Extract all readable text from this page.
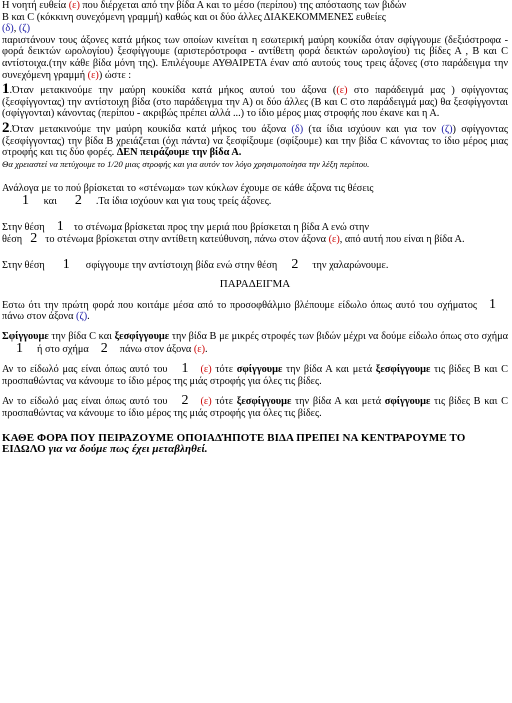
Η νοητή ευθεία (ε) που διέρχεται από την βίδα Α και το μέσο (περίπου) της απόστασης των βιδών
Β και C (κόκκινη συνεχόμενη γραμμή) καθώς και οι δύο άλλες ΔΙΑΚΕΚΟΜΜΕΝΕΣ ευθείες
(δ), (ζ)
παριστάνουν τους άξονες κατά μήκος των οποίων κινείται η εσωτερική μαύρη κουκίδα όταν σφίγγουμε (δεξιόστροφα - φορά δεικτών ωρολογίου) ξεσφίγγουμε (αριστερόστροφα - αντίθετη φορά δεικτών ωρολογίου) τις βίδες Α , Β και C αντίστοιχα.(την κάθε βίδα μόνη της). Επιλέγουμε ΑΥΘΑΙΡΕΤΑ έναν από αυτούς τους τρεις άξονες (στο παράδειγμα την συνεχόμενη γραμμή (ε)) ώστε :

1.Όταν μετακινούμε την μαύρη κουκίδα κατά μήκος αυτού του άξονα ((ε) στο παράδειγμά μας ) σφίγγοντας (ξεσφίγγοντας) την αντίστοιχη βίδα (στο παράδειγμα την Α) οι δύο άλλες (Β και C στο παράδειγμά μας) θα ξεσφίγγονται (σφίγγονται) κάνοντας (περίπου - ακριβώς πρέπει αλλά ...) το ίδιο μέρος μιας στροφής που έκανε και η Α.

2.Όταν μετακινούμε την μαύρη κουκίδα κατά μήκος του άξονα (δ) (τα ίδια ισχύουν και για τον (ζ)) σφίγγοντας (ξεσφίγγοντας) την βίδα Β χρειάζεται (όχι πάντα) να ξεσφίξουμε (σφίξουμε) και την βίδα C κάνοντας το ίδιο μέρος μιας στροφής και τις δύο φορές. ΔΕΝ πειράζουμε την βίδα Α.

Θα χρειαστεί να πετύχουμε το 1/20 μιας στροφής και για αυτόν τον λόγο χρησιμοποίησα την λέξη περίπου.

Ανάλογα με το πού βρίσκεται το «στένωμα» των κύκλων έχουμε σε κάθε άξονα τις θέσεις
1 και 2 .Τα ίδια ισχύουν και για τους τρείς άξονες.

Στην θέση 1 το στένωμα βρίσκεται προς την μεριά που βρίσκεται η βίδα Α ενώ στην
θέση 2 το στένωμα βρίσκεται στην αντίθετη κατεύθυνση, πάνω στον άξονα (ε), από αυτή που είναι η βίδα Α.

Στην θέση 1 σφίγγουμε την αντίστοιχη βίδα ενώ στην θέση 2 την χαλαρώνουμε.

ΠΑΡΑΔΕΙΓΜΑ

Εστω ότι την πρώτη φορά που κοιτάμε μέσα από το προσοφθάλμιο βλέπουμε είδωλο όπως αυτό του σχήματος 1πάνω στον άξονα (ζ).

Σφίγγουμε την βίδα C και ξεσφίγγουμε την βίδα Β με μικρές στροφές των βιδών μέχρι να δούμε είδωλο όπως στο σχήμα1 ή στο σχήμα 2 πάνω στον άξονα (ε).

Αν το είδωλό μας είναι όπως αυτό του 1 (ε) τότε σφίγγουμε την βίδα Α και μετά ξεσφίγγουμε τις βίδες Β και C προσπαθώντας να κάνουμε το ίδιο μέρος της μιάς στροφής για όλες τις βίδες.

Αν το είδωλό μας είναι όπως αυτό του 2 (ε) τότε ξεσφίγγουμε την βίδα Α και μετά σφίγγουμε τις βίδες Β και C προσπαθώντας να κάνουμε το ίδιο μέρος της μιάς στροφής για όλες τις βίδες.

ΚΑΘΕ ΦΟΡΑ ΠΟΥ ΠΕΙΡΑΖΟΥΜΕ ΟΠΟΙΑΔΉΠΟΤΕ ΒΙΔΑ ΠΡΕΠΕΙ ΝΑ ΚΕΝΤΡΑΡΟΥΜΕ ΤΟ ΕΙΔΩΛΟ για να δούμε πως έχει μεταβληθεί.
